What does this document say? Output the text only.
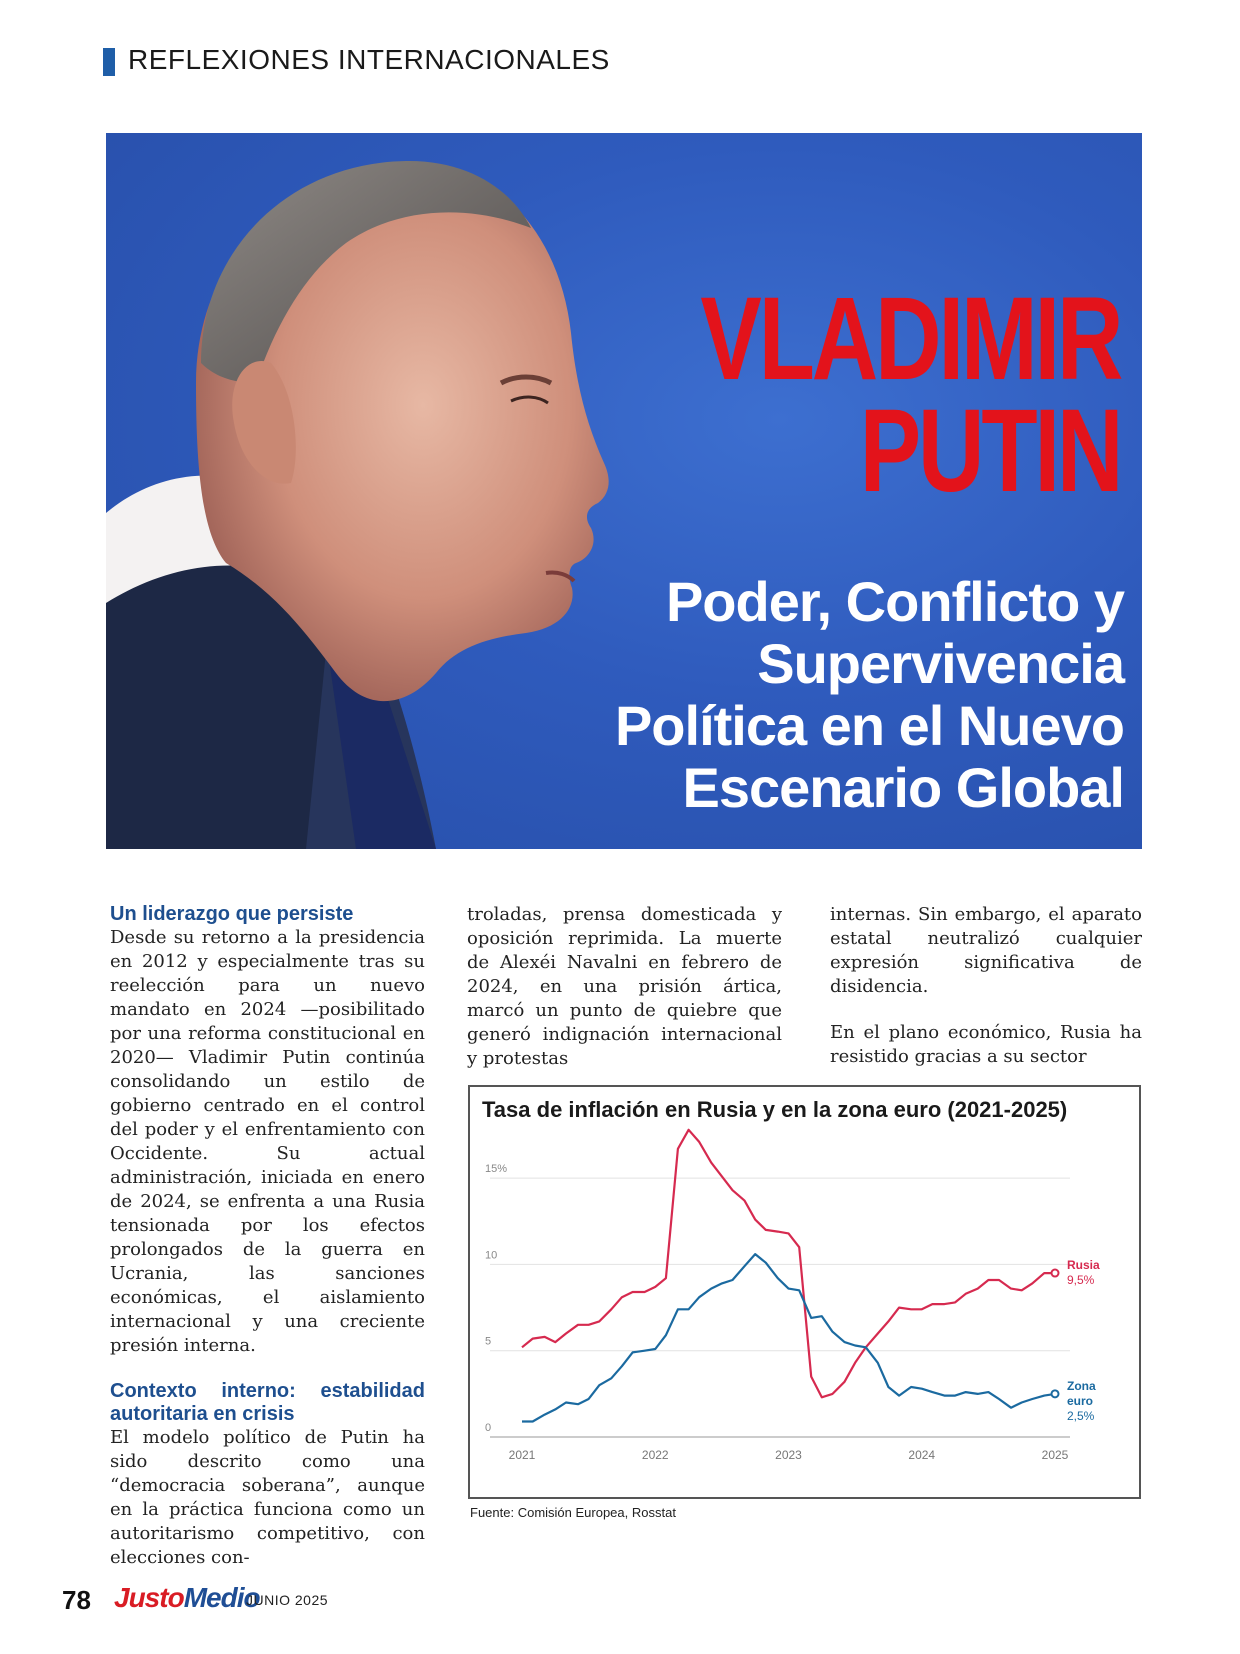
REFLEXIONES INTERNACIONALES
VLADIMIR
PUTIN
Poder, Conflicto y Supervivencia Política en el Nuevo Escenario Global
Un liderazgo que persiste

Desde su retorno a la presidencia en 2012 y especialmente tras su reelección para un nuevo mandato en 2024 —posibilitado por una reforma constitucional en 2020— Vladimir Putin continúa consolidando un estilo de gobierno centrado en el control del poder y el enfrentamiento con Occidente. Su actual administración, iniciada en enero de 2024, se enfrenta a una Rusia tensionada por los efectos prolongados de la guerra en Ucrania, las sanciones económicas, el aislamiento internacional y una creciente presión interna.

Contexto interno: estabilidad autoritaria en crisis

El modelo político de Putin ha sido descrito como una “democracia soberana”, aunque en la práctica funciona como un autoritarismo competitivo, con elecciones con-

troladas, prensa domesticada y oposición reprimida. La muerte de Alexéi Navalni en febrero de 2024, en una prisión ártica, marcó un punto de quiebre que generó indignación internacional y protestas

internas. Sin embargo, el aparato estatal neutralizó cualquier expresión significativa de disidencia.

En el plano económico, Rusia ha resistido gracias a su sector

Tasa de inflación en Rusia y en la zona euro (2021-2025)
0
5
10
15%
2021	2022	2023	2024	2025
Rusia
9,5%
Zona
euro
2,5%
Fuente: Comisión Europea, Rosstat
78 JustoMedio
JUNIO 2025
